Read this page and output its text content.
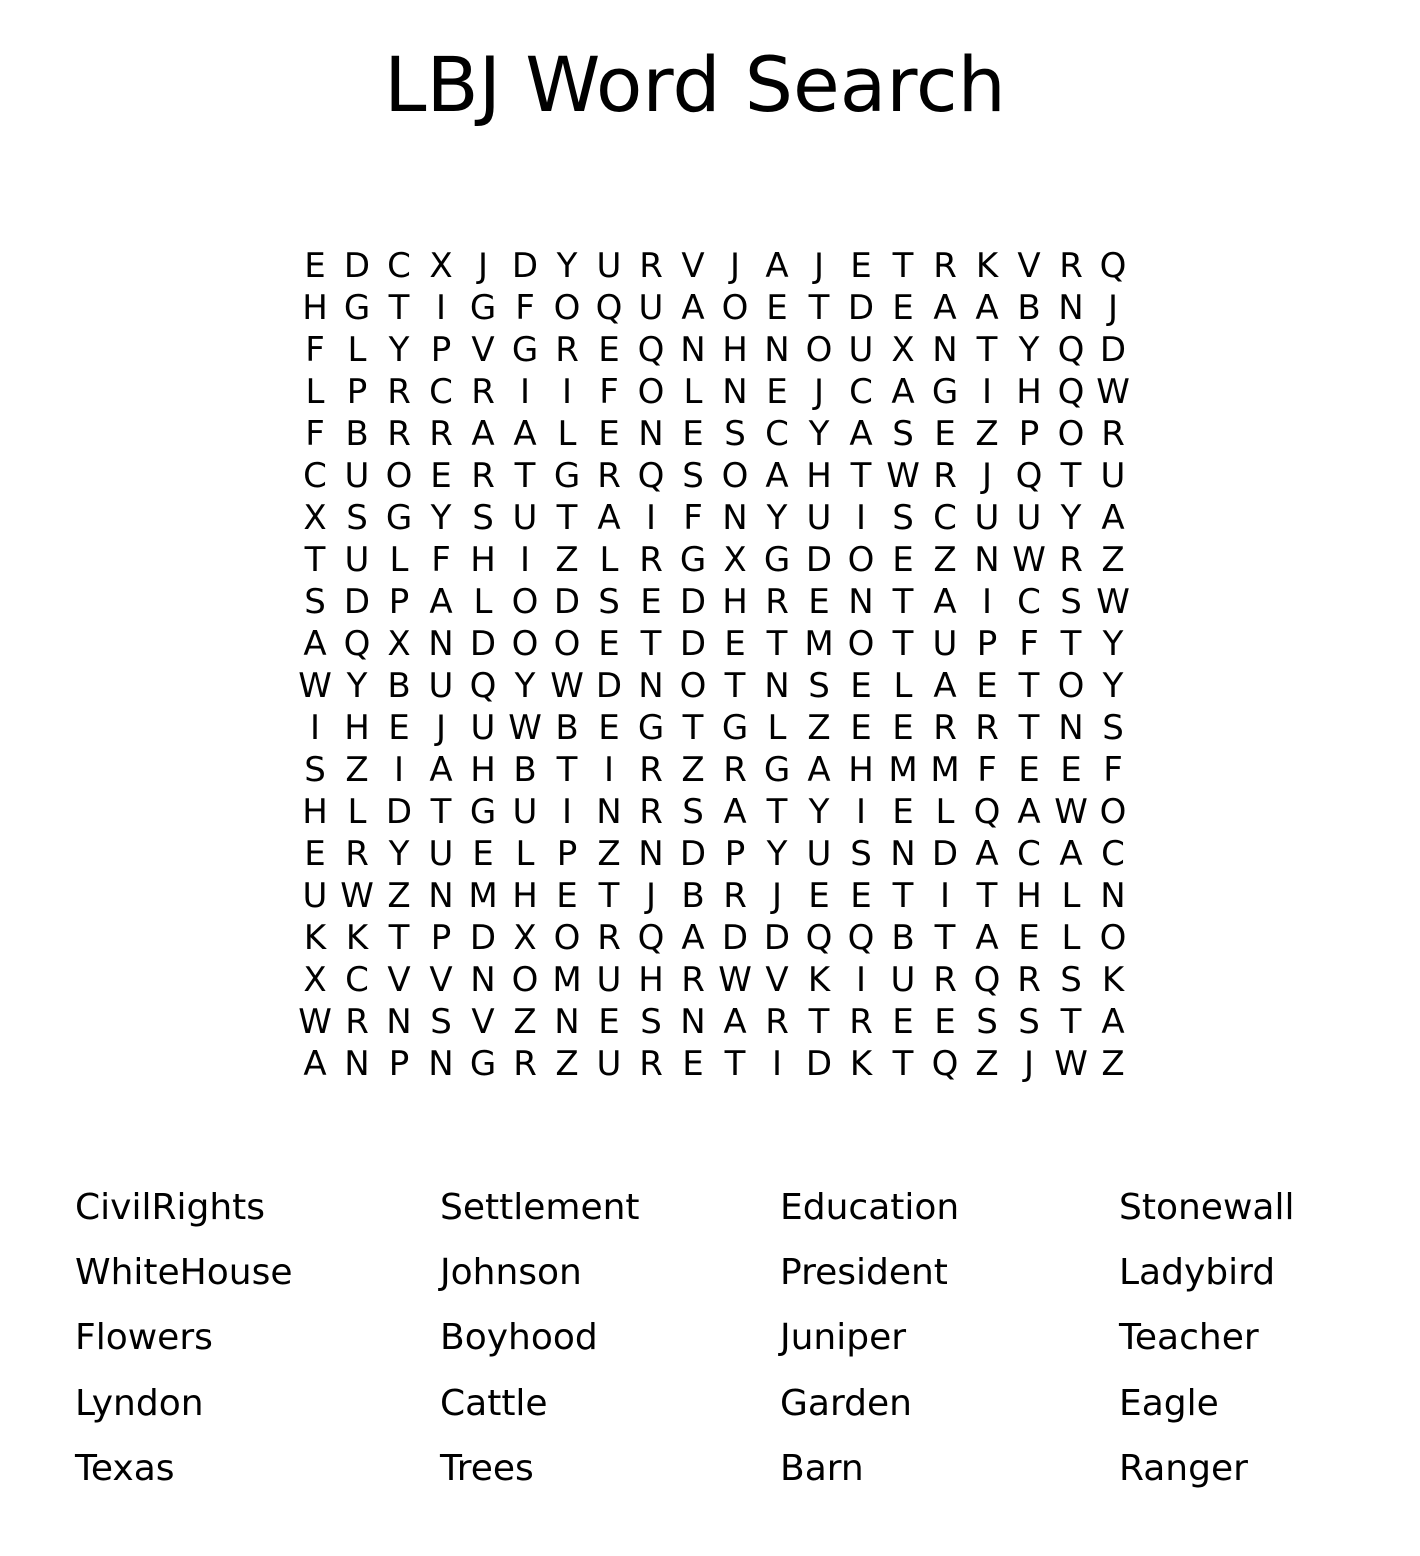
LBJ Word Search
E D C X J D Y U R V J A J E T R K V R Q
H G T I G F O Q U A O E T D E A A B N J
F L Y P V G R E Q N H N O U X N T Y Q D
L P R C R I I F O L N E J C A G I H Q W
F B R R A A L E N E S C Y A S E Z P O R
C U O E R T G R Q S O A H T W R J Q T U
X S G Y S U T A I F N Y U I S C U U Y A
T U L F H I Z L R G X G D O E Z N W R Z
S D P A L O D S E D H R E N T A I C S W
A Q X N D O O E T D E T M O T U P F T Y
W Y B U Q Y W D N O T N S E L A E T O Y
I H E J U W B E G T G L Z E E R R T N S
S Z I A H B T I R Z R G A H M M F E E F
H L D T G U I N R S A T Y I E L Q A W O
E R Y U E L P Z N D P Y U S N D A C A C
U W Z N M H E T J B R J E E T I T H L N
K K T P D X O R Q A D D Q Q B T A E L O
X C V V N O M U H R W V K I U R Q R S K
W R N S V Z N E S N A R T R E E S S T A
A N P N G R Z U R E T I D K T Q Z J W Z
CivilRights	Settlement	Education	Stonewall
WhiteHouse	Johnson	President	Ladybird
Flowers	Boyhood	Juniper	Teacher
Lyndon	Cattle	Garden	Eagle
Texas	Trees	Barn	Ranger
